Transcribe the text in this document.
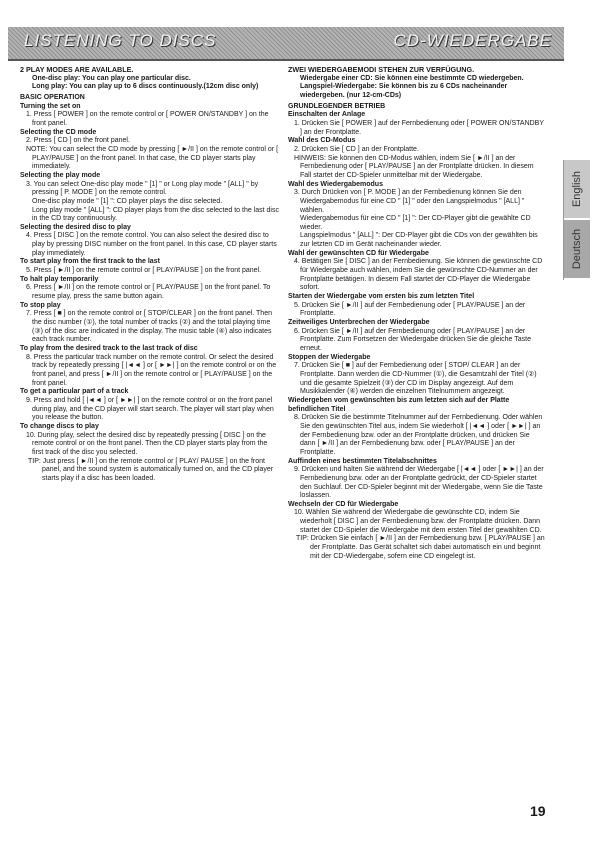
LISTENING TO DISCS	CD-WIEDERGABE
2 PLAY MODES ARE AVAILABLE.
One-disc play: You can play one particular disc.
Long play: You can play up to 6 discs continuously.(12cm disc only)
BASIC OPERATION
Turning the set on
1. Press [ POWER ] on the remote control or [ POWER ON/STANDBY ] on the front panel.
Selecting the CD mode
2. Press [ CD ] on the front panel.
NOTE: You can select the CD mode by pressing [ ►/II ] on the remote control or [ PLAY/PAUSE ] on the front panel. In that case, the CD player starts play immediately.
Selecting the play mode
3. You can select One-disc play mode " [1] " or Long play mode " [ALL] " by pressing [ P. MODE ] on the remote control.
One-disc play mode " [1] ": CD player plays the disc selected.
Long play mode " [ALL] ": CD player plays from the disc selected to the last disc in the CD tray continuously.
Selecting the desired disc to play
4. Press [ DISC ] on the remote control. You can also select the desired disc to play by pressing DISC number on the front panel. In this case, CD player starts play immediately.
To start play from the first track to the last
5. Press [ ►/II ] on the remote control or [ PLAY/PAUSE ] on the front panel.
To halt play temporarily
6. Press [ ►/II ] on the remote control or [ PLAY/PAUSE ] on the front panel. To resume play, press the same button again.
To stop play
7. Press [ ■ ] on the remote control or [ STOP/CLEAR ] on the front panel. Then the disc number (①), the total number of tracks (②) and the total playing time (③) of the disc are indicated in the display. The music table (④) also indicates each track number.
To play from the desired track to the last track of disc
8. Press the particular track number on the remote control. Or select the desired track by repeatedly pressing [ |◄◄ ] or [ ►►| ] on the remote control or on the front panel, and press [ ►/II ] on the remote control or [ PLAY/PAUSE ] on the front panel.
To get a particular part of a track
9. Press and hold [ |◄◄ ] or [ ►►| ] on the remote control or on the front panel during play, and the CD player will start search. The player will start play when you release the button.
To change discs to play
10. During play, select the desired disc by repeatedly pressing [ DISC ] on the remote control or on the front panel. Then the CD player starts play from the first track of the disc you selected.
TIP: Just press [ ►/II ] on the remote control or [ PLAY/ PAUSE ] on the front panel, and the sound system is automatically turned on, and the CD player starts play if a disc has been loaded.
ZWEI WIEDERGABEMODI STEHEN ZUR VERFÜGUNG.
Wiedergabe einer CD: Sie können eine bestimmte CD wiedergeben.
Langspiel-Wiedergabe: Sie können bis zu 6 CDs nacheinander wiedergeben. (nur 12-cm-CDs)
GRUNDLEGENDER BETRIEB
Einschalten der Anlage
1. Drücken Sie [ POWER ] auf der Fernbedienung oder [ POWER ON/STANDBY ] an der Frontplatte.
Wahl des CD-Modus
2. Drücken Sie [ CD ] an der Frontplatte.
HINWEIS: Sie können den CD-Modus wählen, indem Sie [ ►/II ] an der Fernbedienung oder [ PLAY/PAUSE ] an der Frontplatte drücken. In diesem Fall startet der CD-Spieler unmittelbar mit der Wiedergabe.
Wahl des Wiedergabemodus
3. Durch Drücken von [ P. MODE ] an der Fernbedienung können Sie den Wiedergabemodus für eine CD " [1] " oder den Langspielmodus " [ALL] " wählen.
Wiedergabemodus für eine CD " [1] ": Der CD-Player gibt die gewählte CD wieder.
Langspielmodus " [ALL] ": Der CD-Player gibt die CDs von der gewählten bis zur letzten CD im Gerät nacheinander wieder.
Wahl der gewünschten CD für Wiedergabe
4. Betätigen Sie [ DISC ] an der Fernbedienung. Sie können die gewünschte CD für Wiedergabe auch wählen, indem Sie die gewünschte CD-Nummer an der Frontplatte betätigen. In diesem Fall startet der CD-Player die Wiedergabe sofort.
Starten der Wiedergabe vom ersten bis zum letzten Titel
5. Drücken Sie [ ►/II ] auf der Fernbedienung oder [ PLAY/PAUSE ] an der Frontplatte.
Zeitweiliges Unterbrechen der Wiedergabe
6. Drücken Sie [ ►/II ] auf der Fernbedienung oder [ PLAY/PAUSE ] an der Frontplatte. Zum Fortsetzen der Wiedergabe drücken Sie die gleiche Taste erneut.
Stoppen der Wiedergabe
7. Drücken Sie [ ■ ] auf der Fernbedienung oder [ STOP/ CLEAR ] an der Frontplatte. Dann werden die CD-Nummer (①), die Gesamtzahl der Titel (②) und die gesamte Spielzeit (③) der CD im Display angezeigt. Auf dem Musikkalender (④) werden die einzelnen Titelnummern angezeigt.
Wiedergeben vom gewünschten bis zum letzten sich auf der Platte befindlichen Titel
8. Drücken Sie die bestimmte Titelnummer auf der Fernbedienung. Oder wählen Sie den gewünschten Titel aus, indem Sie wiederholt [ |◄◄ ] oder [ ►►| ] an der Fernbedienung bzw. oder an der Frontplatte drücken, und drücken Sie dann [ ►/II ] an der Fernbedienung bzw. oder [ PLAY/PAUSE ] an der Frontplatte.
Auffinden eines bestimmten Titelabschnittes
9. Drücken und halten Sie während der Wiedergabe [ |◄◄ ] oder [ ►►| ] an der Fernbedienung bzw. oder an der Frontplatte gedrückt, der CD-Spieler startet den Suchlauf. Der CD-Spieler beginnt mit der Wiedergabe, wenn Sie die Taste loslassen.
Wechseln der CD für Wiedergabe
10. Wählen Sie während der Wiedergabe die gewünschte CD, indem Sie wiederholt [ DISC ] an der Fernbedienung bzw. der Frontplatte drücken. Dann startet der CD-Spieler die Wiedergabe mit dem ersten Titel der gewählten CD.
TIP: Drücken Sie einfach [ ►/II ] an der Fernbedienung bzw. [ PLAY/PAUSE ] an der Frontplatte. Das Gerät schaltet sich dabei automatisch ein und beginnt mit der CD-Wiedergabe, sofern eine CD eingelegt ist.
English
Deutsch
19
